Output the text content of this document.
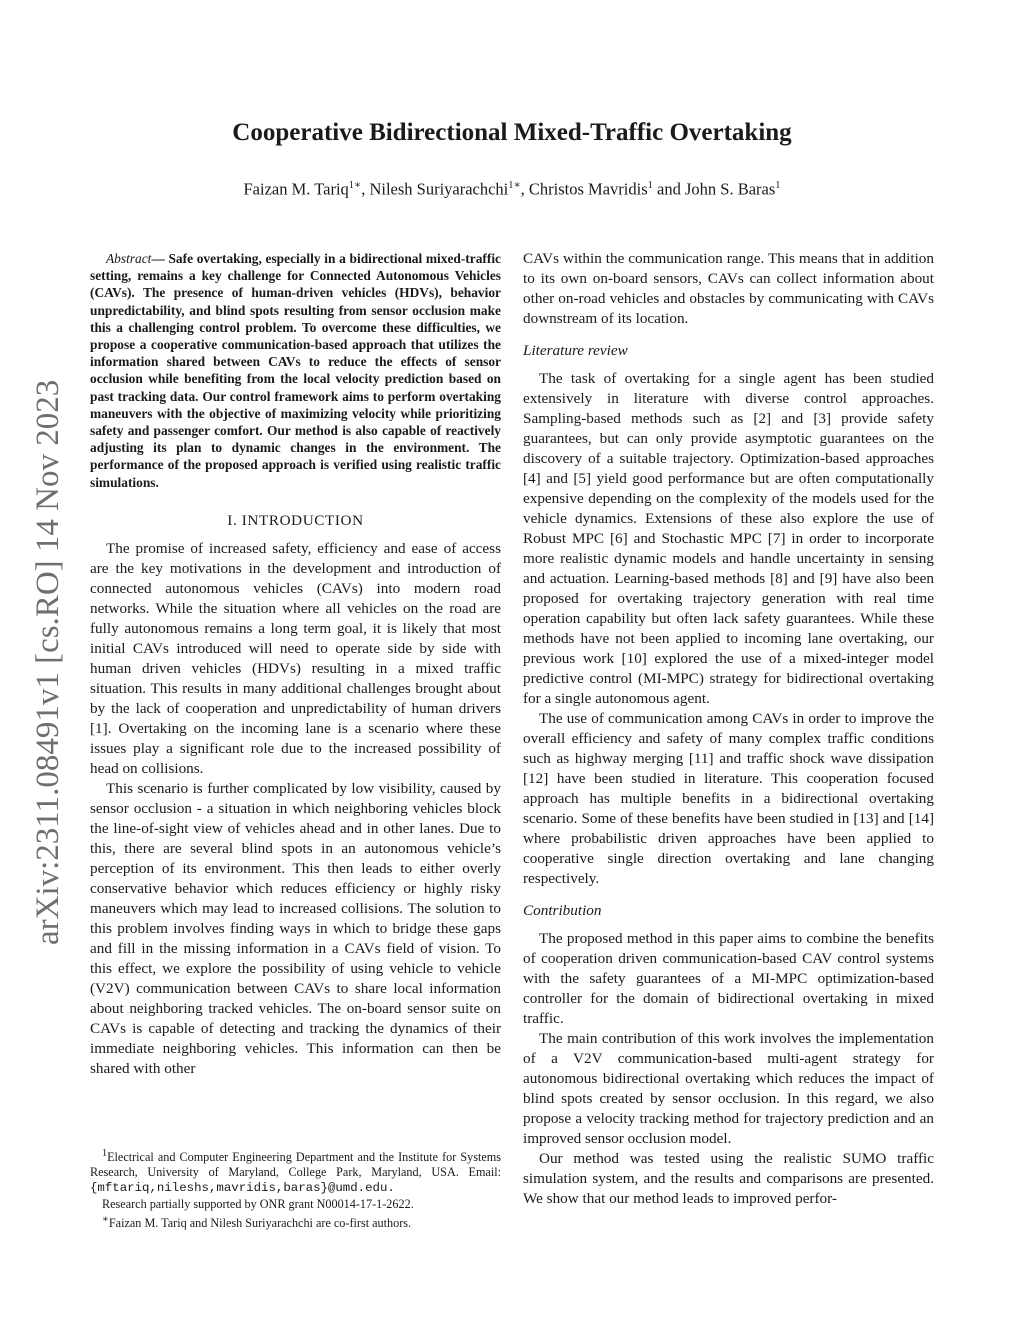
Cooperative Bidirectional Mixed-Traffic Overtaking
Faizan M. Tariq$^{1∗}$, Nilesh Suriyarachchi$^{1∗}$, Christos Mavridis$^1$ and John S. Baras$^1$
arXiv:2311.08491v1 [cs.RO] 14 Nov 2023

Abstract— Safe overtaking, especially in a bidirectional mixed-traffic setting, remains a key challenge for Connected Autonomous Vehicles (CAVs). The presence of human-driven vehicles (HDVs), behavior unpredictability, and blind spots resulting from sensor occlusion make this a challenging control problem. To overcome these difficulties, we propose a cooperative communication-based approach that utilizes the information shared between CAVs to reduce the effects of sensor occlusion while benefiting from the local velocity prediction based on past tracking data. Our control framework aims to perform overtaking maneuvers with the objective of maximizing velocity while prioritizing safety and passenger comfort. Our method is also capable of reactively adjusting its plan to dynamic changes in the environment. The performance of the proposed approach is verified using realistic traffic simulations.

I. INTRODUCTION

The promise of increased safety, efficiency and ease of access are the key motivations in the development and introduction of connected autonomous vehicles (CAVs) into modern road networks. While the situation where all vehicles on the road are fully autonomous remains a long term goal, it is likely that most initial CAVs introduced will need to operate side by side with human driven vehicles (HDVs) resulting in a mixed traffic situation. This results in many additional challenges brought about by the lack of cooperation and unpredictability of human drivers [1]. Overtaking on the incoming lane is a scenario where these issues play a significant role due to the increased possibility of head on collisions.

This scenario is further complicated by low visibility, caused by sensor occlusion - a situation in which neighboring vehicles block the line-of-sight view of vehicles ahead and in other lanes. Due to this, there are several blind spots in an autonomous vehicle’s perception of its environment. This then leads to either overly conservative behavior which reduces efficiency or highly risky maneuvers which may lead to increased collisions. The solution to this problem involves finding ways in which to bridge these gaps and fill in the missing information in a CAVs field of vision. To this effect, we explore the possibility of using vehicle to vehicle (V2V) communication between CAVs to share local information about neighboring tracked vehicles. The on-board sensor suite on CAVs is capable of detecting and tracking the dynamics of their immediate neighboring vehicles. This information can then be shared with other

$^1$Electrical and Computer Engineering Department and the Institute for Systems Research, University of Maryland, College Park, Maryland, USA. Email: {mftariq,nileshs,mavridis,baras}@umd.edu.

Research partially supported by ONR grant N00014-17-1-2622.

∗Faizan M. Tariq and Nilesh Suriyarachchi are co-first authors.

CAVs within the communication range. This means that in addition to its own on-board sensors, CAVs can collect information about other on-road vehicles and obstacles by communicating with CAVs downstream of its location.

Literature review

The task of overtaking for a single agent has been studied extensively in literature with diverse control approaches. Sampling-based methods such as [2] and [3] provide safety guarantees, but can only provide asymptotic guarantees on the discovery of a suitable trajectory. Optimization-based approaches [4] and [5] yield good performance but are often computationally expensive depending on the complexity of the models used for the vehicle dynamics. Extensions of these also explore the use of Robust MPC [6] and Stochastic MPC [7] in order to incorporate more realistic dynamic models and handle uncertainty in sensing and actuation. Learning-based methods [8] and [9] have also been proposed for overtaking trajectory generation with real time operation capability but often lack safety guarantees. While these methods have not been applied to incoming lane overtaking, our previous work [10] explored the use of a mixed-integer model predictive control (MI-MPC) strategy for bidirectional overtaking for a single autonomous agent.

The use of communication among CAVs in order to improve the overall efficiency and safety of many complex traffic conditions such as highway merging [11] and traffic shock wave dissipation [12] have been studied in literature. This cooperation focused approach has multiple benefits in a bidirectional overtaking scenario. Some of these benefits have been studied in [13] and [14] where probabilistic driven approaches have been applied to cooperative single direction overtaking and lane changing respectively.

Contribution

The proposed method in this paper aims to combine the benefits of cooperation driven communication-based CAV control systems with the safety guarantees of a MI-MPC optimization-based controller for the domain of bidirectional overtaking in mixed traffic.

The main contribution of this work involves the implementation of a V2V communication-based multi-agent strategy for autonomous bidirectional overtaking which reduces the impact of blind spots created by sensor occlusion. In this regard, we also propose a velocity tracking method for trajectory prediction and an improved sensor occlusion model.

Our method was tested using the realistic SUMO traffic simulation system, and the results and comparisons are presented. We show that our method leads to improved perfor-
